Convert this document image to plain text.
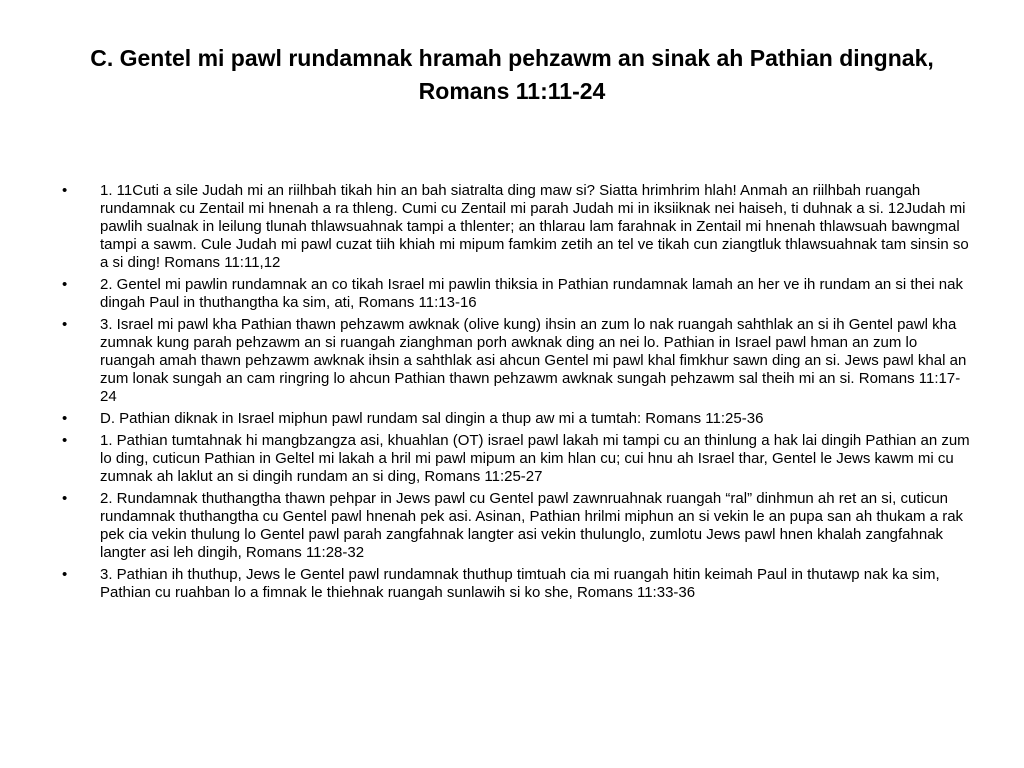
C. Gentel mi pawl rundamnak hramah pehzawm an sinak ah Pathian dingnak, Romans 11:11-24
•	1. 11Cuti a sile Judah mi an riilhbah tikah hin an bah siatralta ding maw si? Siatta hrimhrim hlah! Anmah an riilhbah ruangah rundamnak cu Zentail mi hnenah a ra thleng. Cumi cu Zentail mi parah Judah mi in iksiiknak nei haiseh, ti duhnak a si. 12Judah mi pawlih sualnak in leilung tlunah thlawsuahnak tampi a thlenter; an thlarau lam farahnak in Zentail mi hnenah thlawsuah bawngmal tampi a sawm. Cule Judah mi pawl cuzat tiih khiah mi mipum famkim zetih an tel ve tikah cun ziangtluk thlawsuahnak tam sinsin so a si ding! Romans 11:11,12
•	2. Gentel mi pawlin rundamnak an co tikah Israel mi pawlin thiksia in Pathian rundamnak lamah an her ve ih rundam an si thei nak dingah Paul in thuthangtha ka sim, ati, Romans 11:13-16
•	3. Israel mi pawl kha Pathian thawn pehzawm awknak (olive kung) ihsin an zum lo nak ruangah sahthlak an si ih Gentel pawl kha zumnak kung parah pehzawm an si ruangah zianghman porh awknak ding an nei lo. Pathian in Israel pawl hman an zum lo ruangah amah thawn pehzawm awknak ihsin a sahthlak asi ahcun Gentel mi pawl khal fimkhur sawn ding an si. Jews pawl khal an zum lonak sungah an cam ringring lo ahcun Pathian thawn pehzawm awknak sungah pehzawm sal theih mi an si. Romans 11:17-24
•	D. Pathian diknak in Israel miphun pawl rundam sal dingin a thup aw mi a tumtah: Romans 11:25-36
•	1. Pathian tumtahnak hi mangbzangza asi, khuahlan (OT) israel pawl lakah mi tampi cu an thinlung a hak lai dingih Pathian an zum lo ding, cuticun Pathian in Geltel mi lakah a hril mi pawl mipum an kim hlan cu; cui hnu ah Israel thar, Gentel le Jews kawm mi cu zumnak ah laklut an si dingih rundam an si ding, Romans 11:25-27
•	2. Rundamnak thuthangtha thawn pehpar in Jews pawl cu Gentel pawl zawnruahnak ruangah “ral” dinhmun ah ret an si, cuticun rundamnak thuthangtha cu Gentel pawl hnenah pek asi. Asinan, Pathian hrilmi miphun an si vekin le an pupa san ah thukam a rak pek cia vekin thulung lo Gentel pawl parah zangfahnak langter asi vekin thulunglo, zumlotu Jews pawl hnen khalah zangfahnak langter asi leh dingih, Romans 11:28-32
•	3. Pathian ih thuthup, Jews le Gentel pawl rundamnak thuthup timtuah cia mi ruangah hitin keimah Paul in thutawp nak ka sim, Pathian cu ruahban lo a fimnak le thiehnak ruangah sunlawih si ko she, Romans 11:33-36
